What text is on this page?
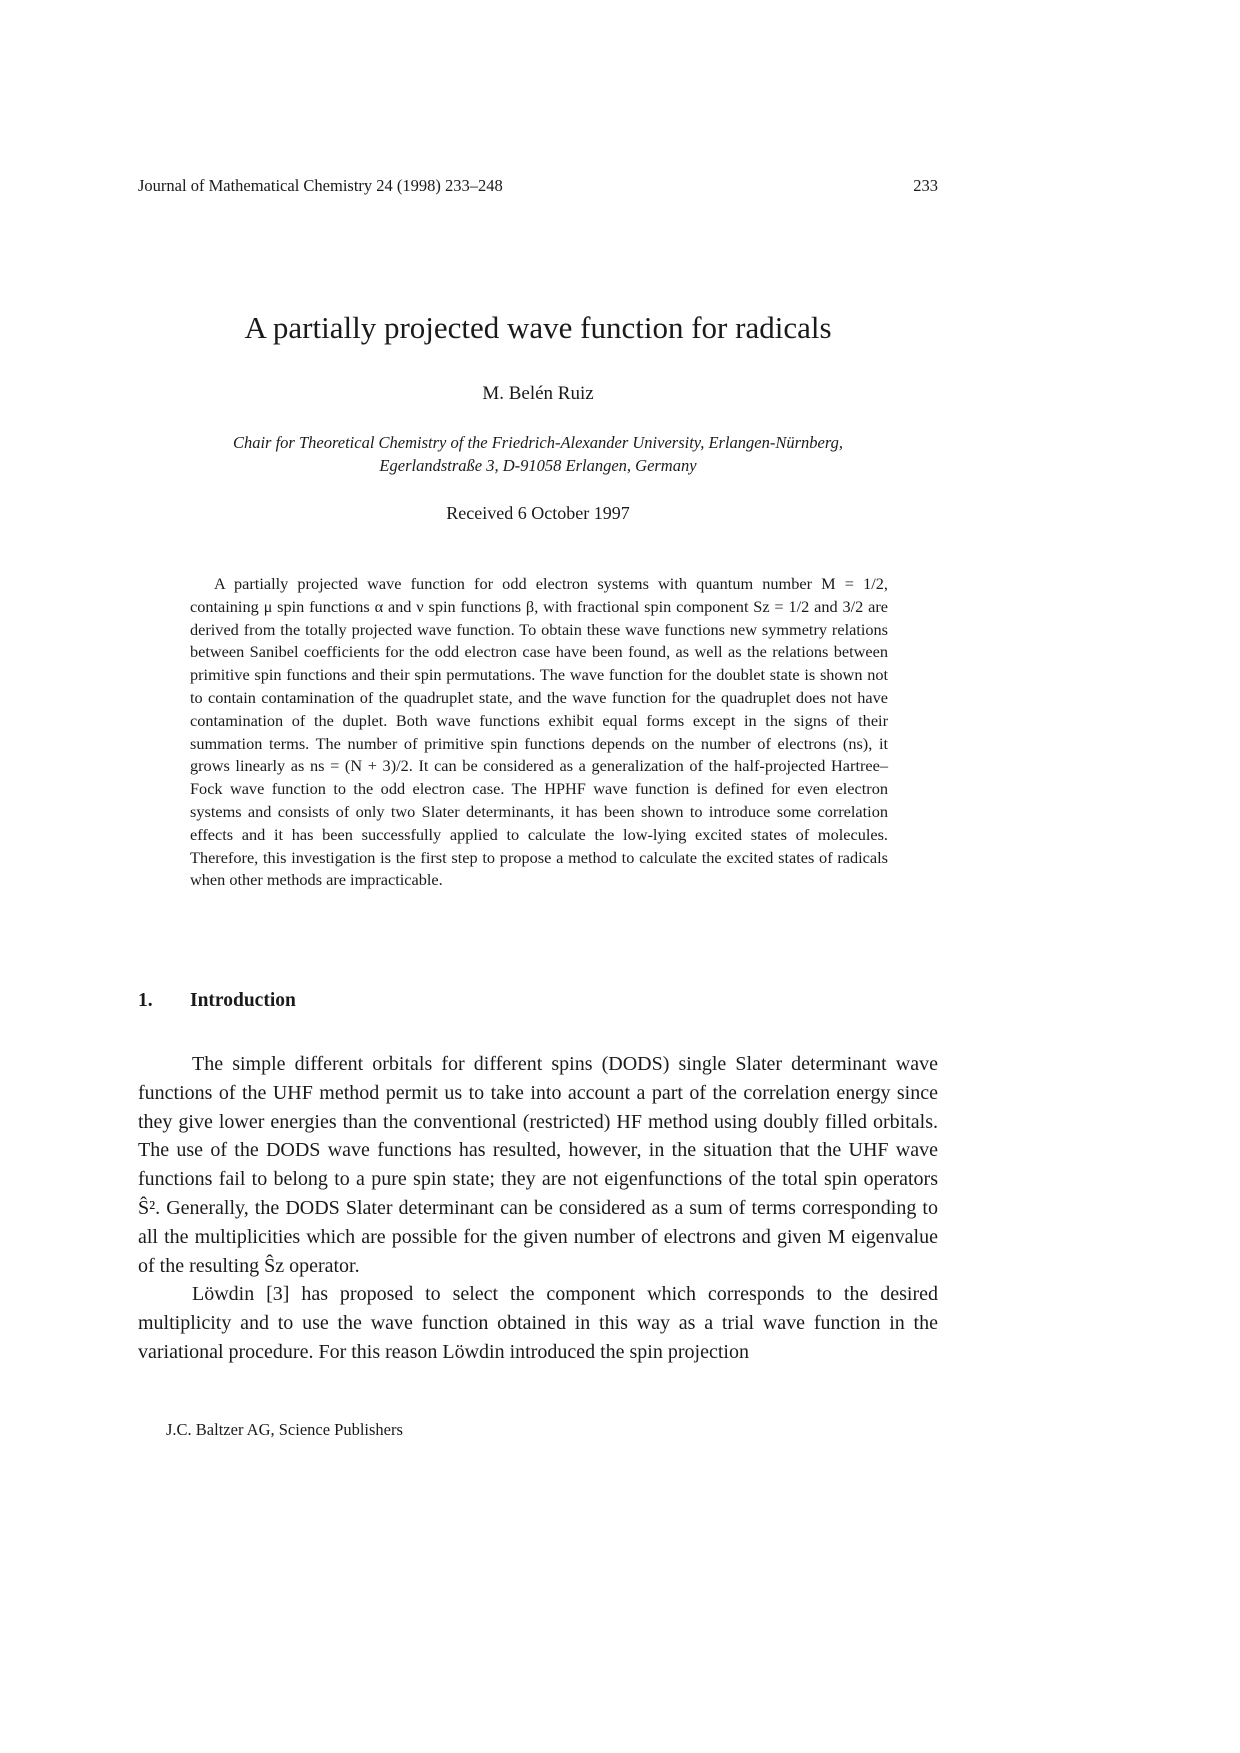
Journal of Mathematical Chemistry 24 (1998) 233–248	233
A partially projected wave function for radicals
M. Belén Ruiz
Chair for Theoretical Chemistry of the Friedrich-Alexander University, Erlangen-Nürnberg,
Egerlandstraße 3, D-91058 Erlangen, Germany
Received 6 October 1997

A partially projected wave function for odd electron systems with quantum number M = 1/2, containing μ spin functions α and ν spin functions β, with fractional spin component Sz = 1/2 and 3/2 are derived from the totally projected wave function. To obtain these wave functions new symmetry relations between Sanibel coefficients for the odd electron case have been found, as well as the relations between primitive spin functions and their spin permutations. The wave function for the doublet state is shown not to contain contamination of the quadruplet state, and the wave function for the quadruplet does not have contamination of the duplet. Both wave functions exhibit equal forms except in the signs of their summation terms. The number of primitive spin functions depends on the number of electrons (ns), it grows linearly as ns = (N + 3)/2. It can be considered as a generalization of the half-projected Hartree–Fock wave function to the odd electron case. The HPHF wave function is defined for even electron systems and consists of only two Slater determinants, it has been shown to introduce some correlation effects and it has been successfully applied to calculate the low-lying excited states of molecules. Therefore, this investigation is the first step to propose a method to calculate the excited states of radicals when other methods are impracticable.

1.	Introduction

The simple different orbitals for different spins (DODS) single Slater determinant wave functions of the UHF method permit us to take into account a part of the correlation energy since they give lower energies than the conventional (restricted) HF method using doubly filled orbitals. The use of the DODS wave functions has resulted, however, in the situation that the UHF wave functions fail to belong to a pure spin state; they are not eigenfunctions of the total spin operators Ŝ². Generally, the DODS Slater determinant can be considered as a sum of terms corresponding to all the multiplicities which are possible for the given number of electrons and given M eigenvalue of the resulting Ŝz operator.

Löwdin [3] has proposed to select the component which corresponds to the desired multiplicity and to use the wave function obtained in this way as a trial wave function in the variational procedure. For this reason Löwdin introduced the spin projection

J.C. Baltzer AG, Science Publishers
